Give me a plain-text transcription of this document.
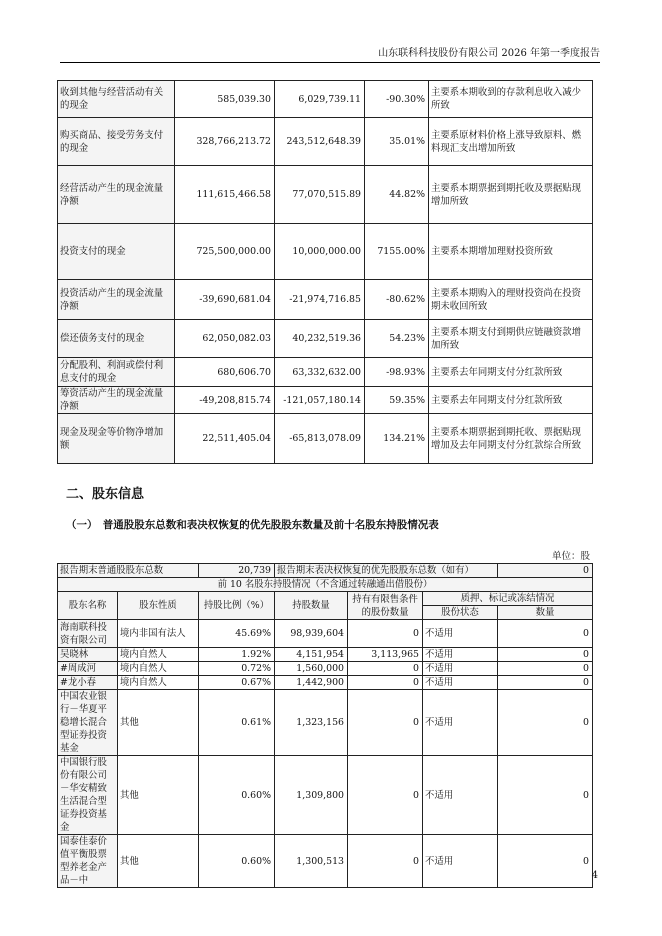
山东联科科技股份有限公司 2026 年第一季度报告
收到其他与经营活动有关的现金	585,039.30	6,029,739.11	-90.30%	主要系本期收到的存款利息收入减少所致
购买商品、接受劳务支付的现金	328,766,213.72	243,512,648.39	35.01%	主要系原材料价格上涨导致原料、燃料现汇支出增加所致
经营活动产生的现金流量净额	111,615,466.58	77,070,515.89	44.82%	主要系本期票据到期托收及票据贴现增加所致
投资支付的现金	725,500,000.00	10,000,000.00	7155.00%	主要系本期增加理财投资所致
投资活动产生的现金流量净额	-39,690,681.04	-21,974,716.85	-80.62%	主要系本期购入的理财投资尚在投资期未收回所致
偿还债务支付的现金	62,050,082.03	40,232,519.36	54.23%	主要系本期支付到期供应链融资款增加所致
分配股利、利润或偿付利息支付的现金	680,606.70	63,332,632.00	-98.93%	主要系去年同期支付分红款所致
筹资活动产生的现金流量净额	-49,208,815.74	-121,057,180.14	59.35%	主要系去年同期支付分红款所致
现金及现金等价物净增加额	22,511,405.04	-65,813,078.09	134.21%	主要系本期票据到期托收、票据贴现增加及去年同期支付分红款综合所致
二、股东信息
（一）　普通股股东总数和表决权恢复的优先股股东数量及前十名股东持股情况表
单位：股
报告期末普通股股东总数		20,739	报告期末表决权恢复的优先股股东总数（如有）			0
前 10 名股东持股情况（不含通过转融通出借股份）						
股东名称	股东性质	持股比例（%）	持股数量	持有有限售条件的股份数量	质押、标记或冻结情况	
					股份状态	数量
海南联科投资有限公司	境内非国有法人	45.69%	98,939,604	0	不适用	0
吴晓林	境内自然人	1.92%	4,151,954	3,113,965	不适用	0
#周成河	境内自然人	0.72%	1,560,000	0	不适用	0
#龙小春	境内自然人	0.67%	1,442,900	0	不适用	0
中国农业银行－华夏平稳增长混合型证券投资基金	其他	0.61%	1,323,156	0	不适用	0
中国银行股份有限公司－华安精致生活混合型证券投资基金	其他	0.60%	1,309,800	0	不适用	0
国泰佳泰价值平衡股票型养老金产品－中	其他	0.60%	1,300,513	0	不适用	0
4
